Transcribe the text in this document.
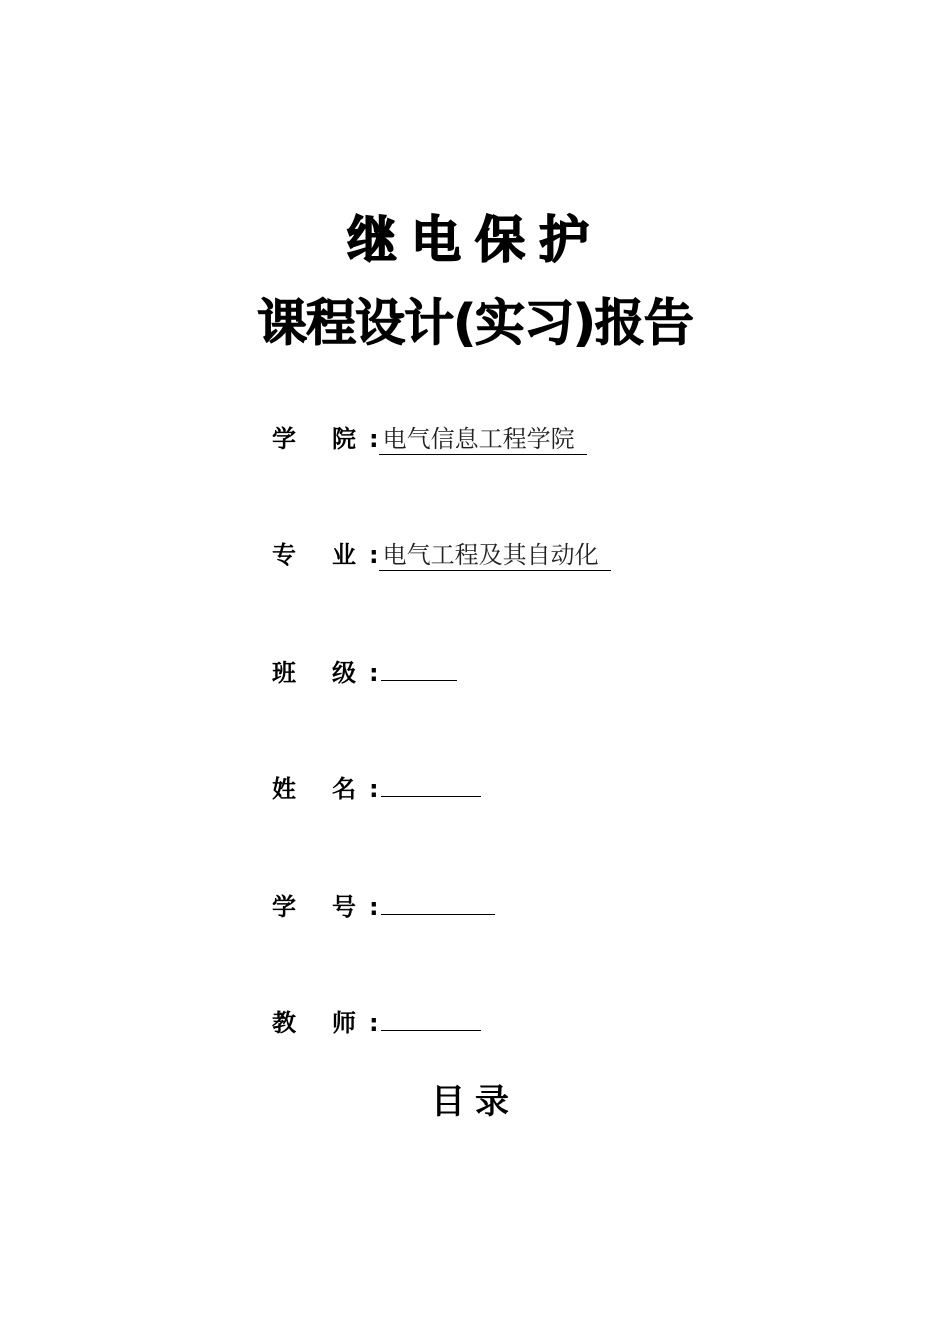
继电保护
课程设计(实习)报告
学 院 : 电气信息工程学院
专 业 : 电气工程及其自动化
班 级 :
姓 名 :
学 号 :
教 师 :
目录
